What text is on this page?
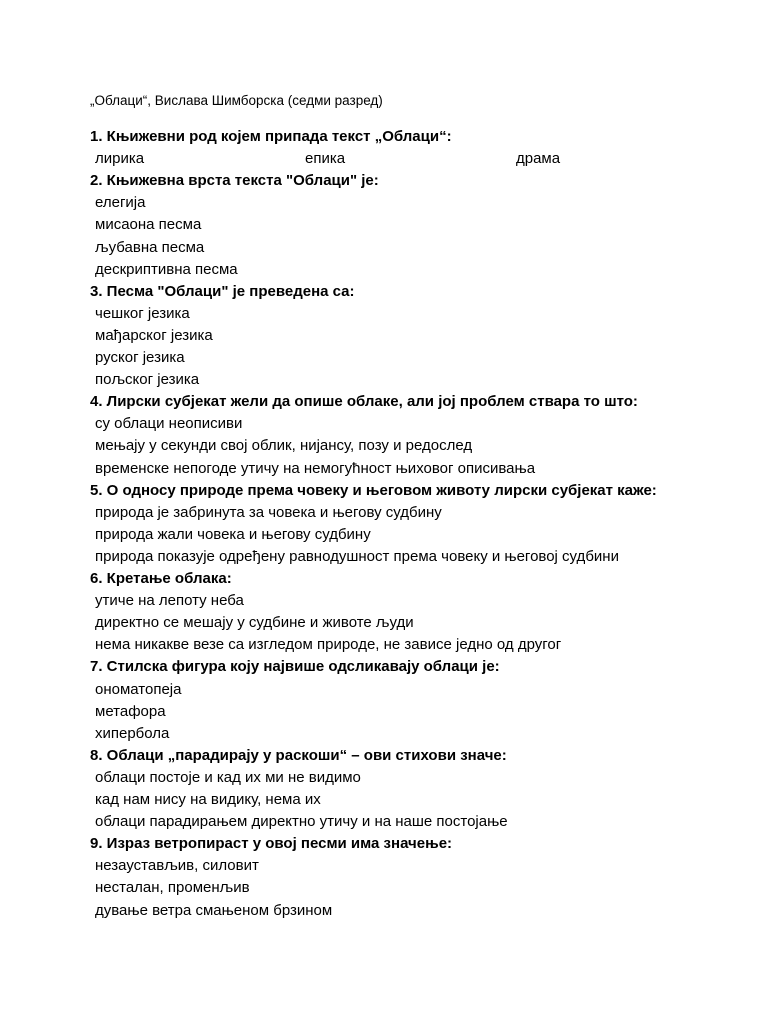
„Облаци“, Вислава Шимборска (седми разред)
1. Књижевни род којем припада текст „Облаци“:
лирика	епика	драма
2. Књижевна врста текста "Облаци" је:
елегија
мисаона песма
љубавна песма
дескриптивна песма
3. Песма "Облаци" је преведена са:
чешког језика
мађарског језика
руског језика
пољског језика
4. Лирски субјекат жели да опише облаке, али јој проблем ствара то што:
су облаци неописиви
мењају у секунди свој облик, нијансу, позу и редослед
временске непогоде утичу на немогућност њиховог описивања
5. О односу природе према човеку и његовом животу лирски субјекат каже:
природа је забринута за човека и његову судбину
природа жали човека и његову судбину
природа показује одређену равнодушност према човеку и његовој судбини
6. Кретање облака:
утиче на лепоту неба
директно се мешају у судбине и животе људи
нема никакве везе са изгледом природе, не зависе једно од другог
7. Стилска фигура коју највише одсликавају облаци је:
ономатопеја
метафора
хипербола
8. Облаци „парадирају у раскоши“ – ови стихови значе:
облаци постоје и кад их ми не видимо
кад нам нису на видику, нема их
облаци парадирањем директно утичу и на наше постојање
9. Израз ветропираст у овој песми има значење:
незаустављив, силовит
несталан, променљив
дување ветра смањеном брзином
